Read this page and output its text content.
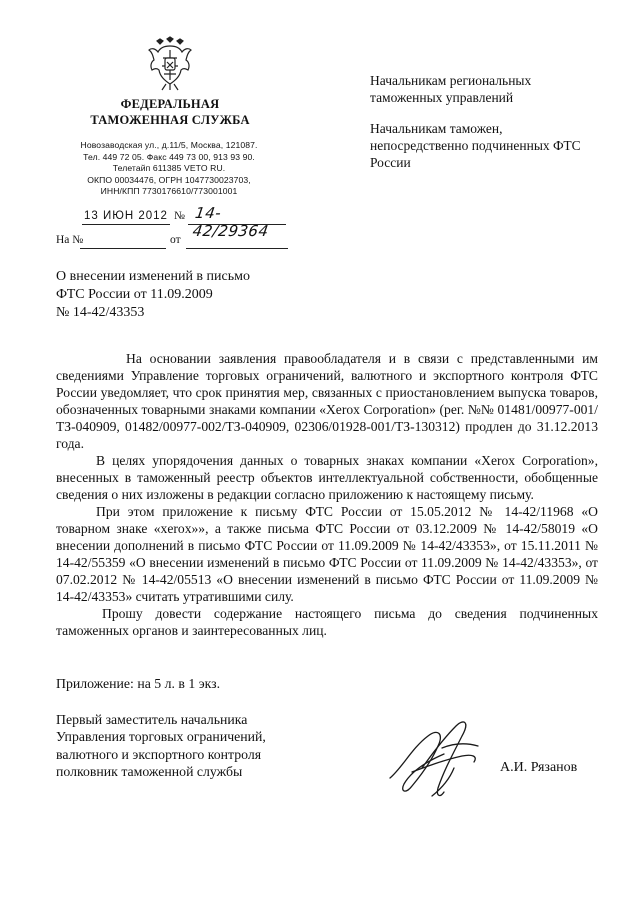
ФЕДЕРАЛЬНАЯ
ТАМОЖЕННАЯ СЛУЖБА
Новозаводская ул., д.11/5, Москва, 121087.
Тел. 449 72 05. Факс 449 73 00, 913 93 90.
Телетайп 611385 VETO RU.
ОКПО 00034476, ОГРН 1047730023703,
ИНН/КПП 7730176610/773001001
13 ИЮН 2012 № 14-42/29364
На №	от

Начальникам региональных таможенных управлений

Начальникам таможен, непосредственно подчиненных ФТС России

О внесении изменений в письмо
ФТС России от 11.09.2009
№ 14-42/43353

На основании заявления правообладателя и в связи с представленными им сведениями Управление торговых ограничений, валютного и экспортного контроля ФТС России уведомляет, что срок принятия мер, связанных с приостановлением выпуска товаров, обозначенных товарными знаками компании «Xerox Corporation» (рег. №№ 01481/00977-001/ТЗ-040909, 01482/00977-002/ТЗ-040909, 02306/01928-001/ТЗ-130312) продлен до 31.12.2013 года.

В целях упорядочения данных о товарных знаках компании «Xerox Corporation», внесенных в таможенный реестр объектов интеллектуальной собственности, обобщенные сведения о них изложены в редакции согласно приложению к настоящему письму.

При этом приложение к письму ФТС России от 15.05.2012 № 14-42/11968 «О товарном знаке «xerox»», а также письма ФТС России от 03.12.2009 № 14-42/58019 «О внесении дополнений в письмо ФТС России от 11.09.2009 № 14-42/43353», от 15.11.2011 № 14-42/55359 «О внесении изменений в письмо ФТС России от 11.09.2009 № 14-42/43353», от 07.02.2012 № 14-42/05513 «О внесении изменений в письмо ФТС России от 11.09.2009 № 14-42/43353» считать утратившими силу.

Прошу довести содержание настоящего письма до сведения подчиненных таможенных органов и заинтересованных лиц.

Приложение: на 5 л. в 1 экз.
Первый заместитель начальника
Управления торговых ограничений,
валютного и экспортного контроля
полковник таможенной службы	А.И. Рязанов
